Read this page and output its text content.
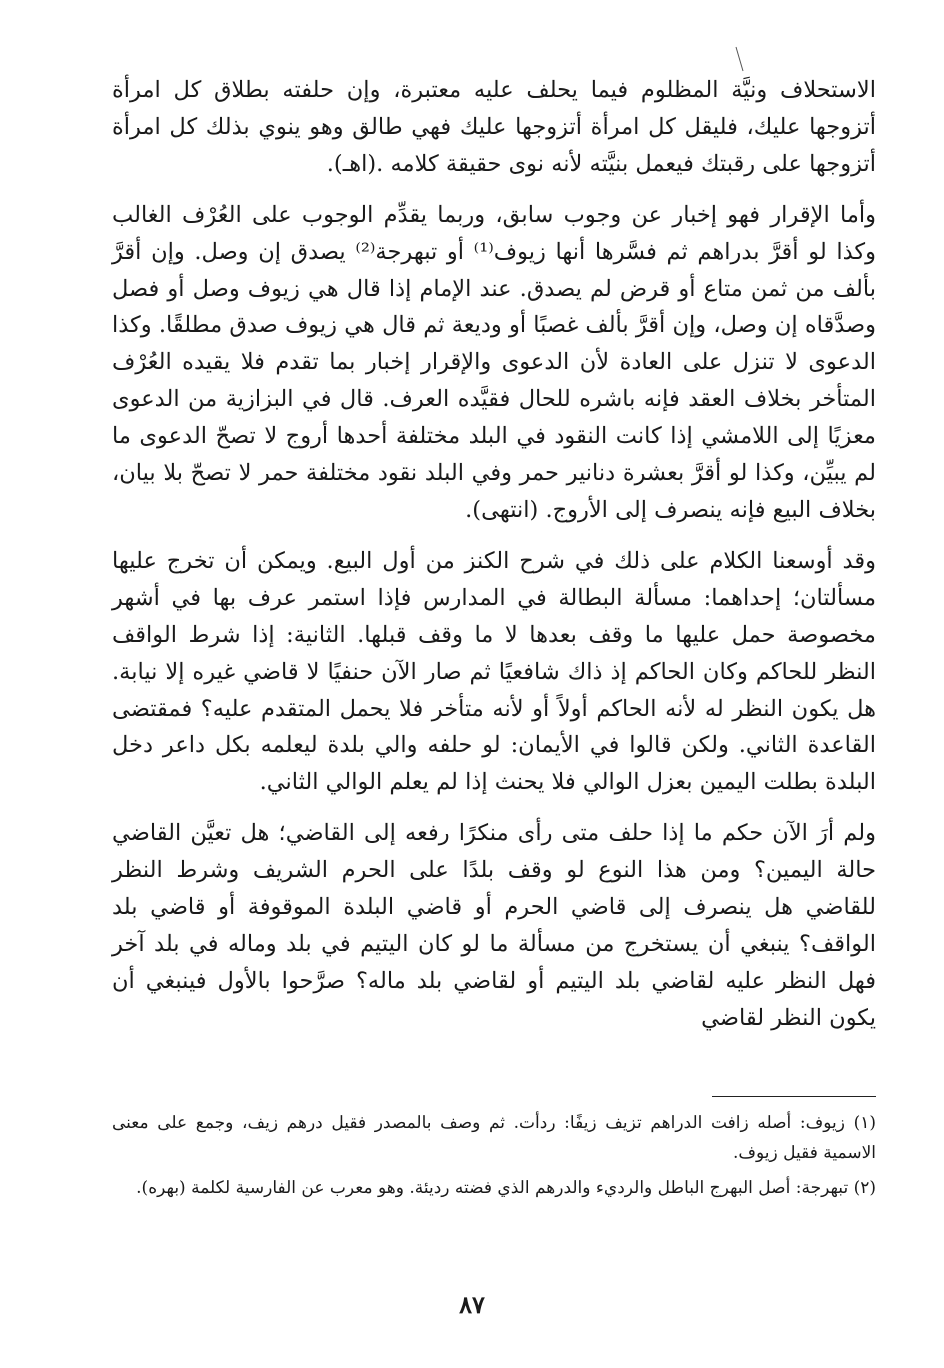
الاستحلاف ونيَّة المظلوم فيما يحلف عليه معتبرة، وإن حلفته بطلاق كل امرأة أتزوجها عليك، فليقل كل امرأة أتزوجها عليك فهي طالق وهو ينوي بذلك كل امرأة أتزوجها على رقبتك فيعمل بنيَّته لأنه نوى حقيقة كلامه .(اهـ).

وأما الإقرار فهو إخبار عن وجوب سابق، وربما يقدِّم الوجوب على العُرْف الغالب وكذا لو أقرَّ بدراهم ثم فسَّرها أنها زيوف⁽¹⁾ أو تبهرجة⁽²⁾ يصدق إن وصل. وإن أقرَّ بألف من ثمن متاع أو قرض لم يصدق. عند الإمام إذا قال هي زيوف وصل أو فصل وصدَّقاه إن وصل، وإن أقرَّ بألف غصبًا أو وديعة ثم قال هي زيوف صدق مطلقًا. وكذا الدعوى لا تنزل على العادة لأن الدعوى والإقرار إخبار بما تقدم فلا يقيده العُرْف المتأخر بخلاف العقد فإنه باشره للحال فقيَّده العرف. قال في البزازية من الدعوى معزيًا إلى اللامشي إذا كانت النقود في البلد مختلفة أحدها أروج لا تصحّ الدعوى ما لم يبيِّن، وكذا لو أقرَّ بعشرة دنانير حمر وفي البلد نقود مختلفة حمر لا تصحّ بلا بيان، بخلاف البيع فإنه ينصرف إلى الأروج. (انتهى).

وقد أوسعنا الكلام على ذلك في شرح الكنز من أول البيع. ويمكن أن تخرج عليها مسألتان؛ إحداهما: مسألة البطالة في المدارس فإذا استمر عرف بها في أشهر مخصوصة حمل عليها ما وقف بعدها لا ما وقف قبلها. الثانية: إذا شرط الواقف النظر للحاكم وكان الحاكم إذ ذاك شافعيًا ثم صار الآن حنفيًا لا قاضي غيره إلا نيابة. هل يكون النظر له لأنه الحاكم أولاً أو لأنه متأخر فلا يحمل المتقدم عليه؟ فمقتضى القاعدة الثاني. ولكن قالوا في الأيمان: لو حلفه والي بلدة ليعلمه بكل داعر دخل البلدة بطلت اليمين بعزل الوالي فلا يحنث إذا لم يعلم الوالي الثاني.

ولم أرَ الآن حكم ما إذا حلف متى رأى منكرًا رفعه إلى القاضي؛ هل تعيَّن القاضي حالة اليمين؟ ومن هذا النوع لو وقف بلدًا على الحرم الشريف وشرط النظر للقاضي هل ينصرف إلى قاضي الحرم أو قاضي البلدة الموقوفة أو قاضي بلد الواقف؟ ينبغي أن يستخرج من مسألة ما لو كان اليتيم في بلد وماله في بلد آخر فهل النظر عليه لقاضي بلد اليتيم أو لقاضي بلد ماله؟ صرَّحوا بالأول فينبغي أن يكون النظر لقاضي

(١) زيوف: أصله زافت الدراهم تزيف زيفًا: ردأت. ثم وصف بالمصدر فقيل درهم زيف، وجمع على معنى الاسمية فقيل زيوف.

(٢) تبهرجة: أصل البهرج الباطل والرديء والدرهم الذي فضته رديئة. وهو معرب عن الفارسية لكلمة (بهره).

٨٧
